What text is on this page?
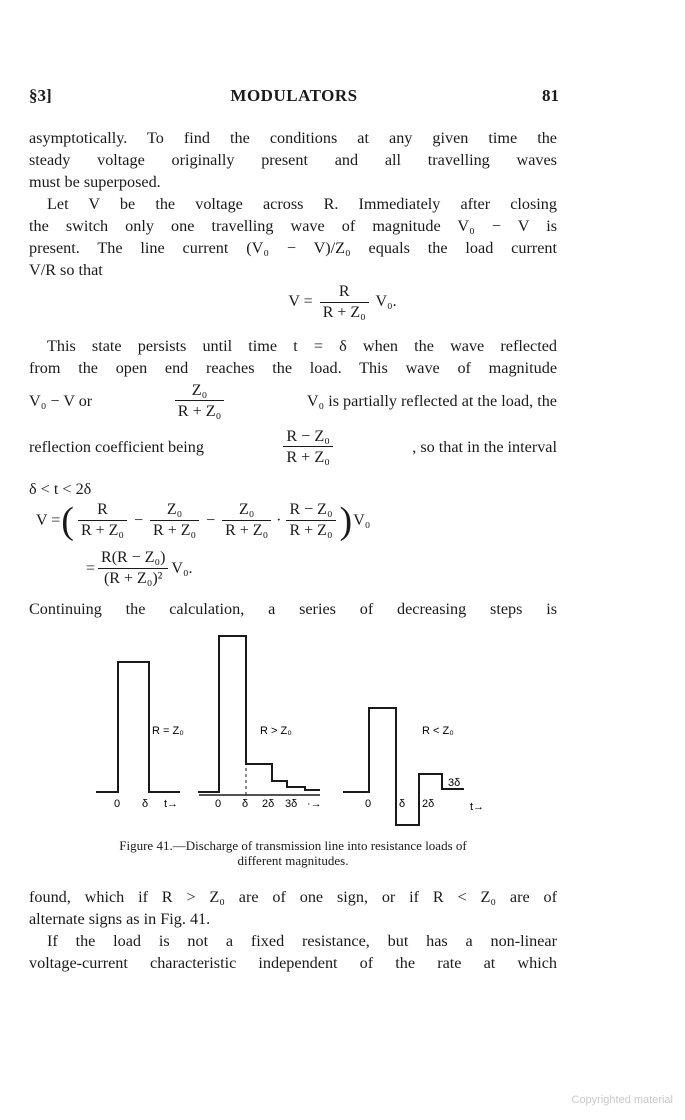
§3]	MODULATORS	81
asymptotically. To find the conditions at any given time the
steady voltage originally present and all travelling waves
must be superposed.
Let V be the voltage across R. Immediately after closing
the switch only one travelling wave of magnitude V₀ − V is
present. The line current (V₀ − V)/Z₀ equals the load current
V/R so that
$V = \frac{R}{\text{R + Z₀}} V_0$.
This state persists until time t = δ when the wave reflected
from the open end reaches the load. This wave of magnitude
V₀ − V or	$\frac{\text{Z₀}}{\text{R + Z₀}}$	V₀ is partially reflected at the load, the
reflection coefficient being	$\frac{\text{R − Z₀}}{\text{R + Z₀}}$	, so that in the interval
δ < t < 2δ
V = ( $\frac{R}{\text{R + Z₀}} - \frac{\text{Z₀}}{\text{R + Z₀}} - \frac{\text{Z₀}}{\text{R + Z₀}} \cdot \frac{\text{R − Z₀}}{\text{R + Z₀}}$ ) V₀
= $\frac{\text{R(R − Z₀)}}{\text{(R + Z₀)²}} V_0$.
Continuing the calculation, a series of decreasing steps is
R = Z₀	R > Z₀	R < Z₀
0 δ t→	0 δ 2δ 3δ ·→	0	δ 2δ
3δ
t→
Figure 41.—Discharge of transmission line into resistance loads of
different magnitudes.
found, which if R > Z₀ are of one sign, or if R < Z₀ are of
alternate signs as in Fig. 41.
If the load is not a fixed resistance, but has a non-linear
voltage-current characteristic independent of the rate at which
Copyrighted material
